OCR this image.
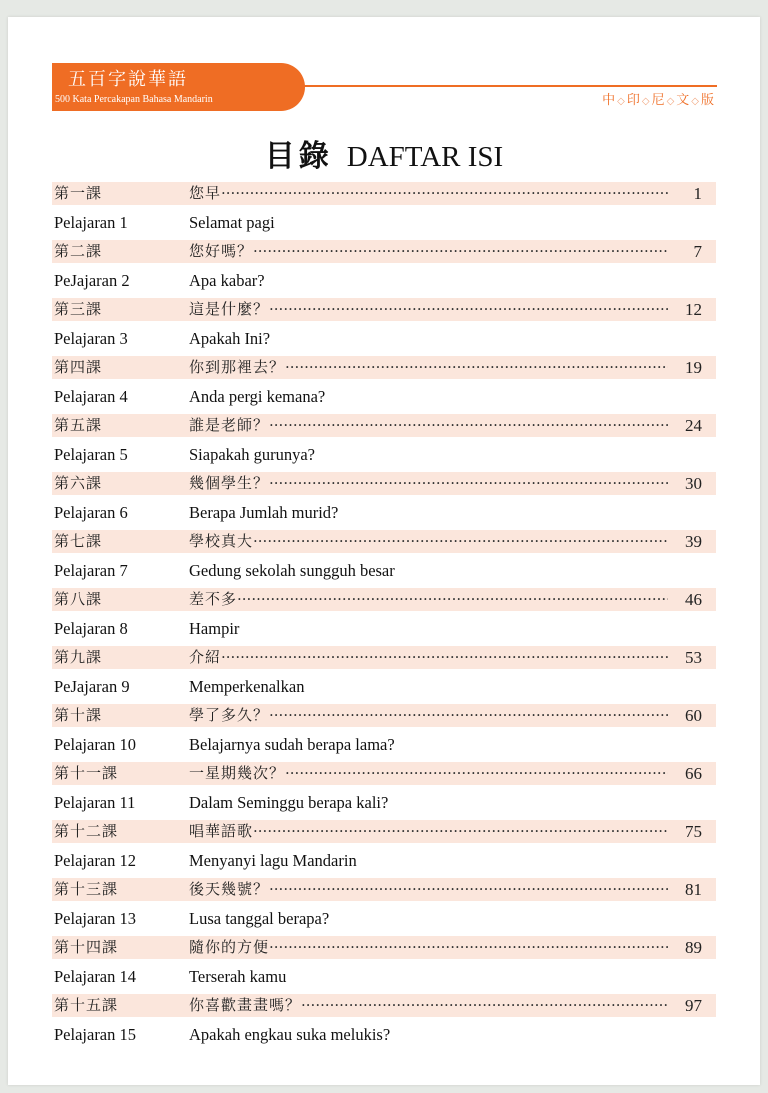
五百字說華語
500 Kata Percakapan Bahasa Mandarin	中◇印◇尼◇文◇版
目錄 DAFTAR ISI
第一課	您早 ·····	1
Pelajaran 1	Selamat pagi
第二課	您好嗎？ ·····	7
PeJajaran 2	Apa kabar?
第三課	這是什麼？ ·····	12
Pelajaran 3	Apakah Ini?
第四課	你到那裡去？ ·····	19
Pelajaran 4	Anda pergi kemana?
第五課	誰是老師？ ·····	24
Pelajaran 5	Siapakah gurunya?
第六課	幾個學生？ ·····	30
Pelajaran 6	Berapa Jumlah murid?
第七課	學校真大 ·····	39
Pelajaran 7	Gedung sekolah sungguh besar
第八課	差不多 ·····	46
Pelajaran 8	Hampir
第九課	介紹 ·····	53
PeJajaran 9	Memperkenalkan
第十課	學了多久？ ·····	60
Pelajaran 10	Belajarnya sudah berapa lama?
第十一課	一星期幾次？ ·····	66
Pelajaran 11	Dalam Seminggu berapa kali?
第十二課	唱華語歌 ·····	75
Pelajaran 12	Menyanyi lagu Mandarin
第十三課	後天幾號？ ·····	81
Pelajaran 13	Lusa tanggal berapa?
第十四課	隨你的方便 ·····	89
Pelajaran 14	Terserah kamu
第十五課	你喜歡畫畫嗎？ ·····	97
Pelajaran 15	Apakah engkau suka melukis?
